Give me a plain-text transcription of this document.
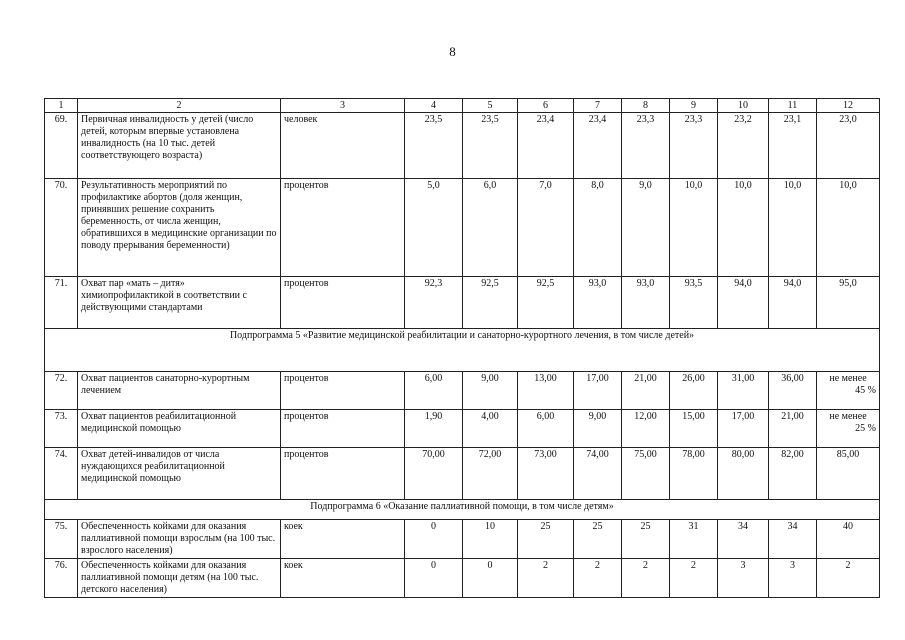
8
1	2	3	4	5	6	7	8	9	10	11	12
69.	Первичная инвалидность у детей (число детей, которым впервые установлена инвалидность (на 10 тыс. детей соответствующего возраста)	человек	23,5	23,5	23,4	23,4	23,3	23,3	23,2	23,1	23,0
70.	Результативность мероприятий по профилактике абортов (доля женщин, принявших решение сохранить беременность, от числа женщин, обратившихся в медицинские организации по поводу прерывания беременности)	процентов	5,0	6,0	7,0	8,0	9,0	10,0	10,0	10,0	10,0
71.	Охват пар «мать – дитя» химиопрофилактикой в соответствии с действующими стандартами	процентов	92,3	92,5	92,5	93,0	93,0	93,5	94,0	94,0	95,0
Подпрограмма 5 «Развитие медицинской реабилитации и санаторно-курортного лечения, в том числе детей»											
72.	Охват пациентов санаторно-курортным лечением	процентов	6,00	9,00	13,00	17,00	21,00	26,00	31,00	36,00	не менее
45 %

73.	Охват пациентов реабилитационной медицинской помощью	процентов	1,90	4,00	6,00	9,00	12,00	15,00	17,00	21,00	не менее
25 %

74.	Охват детей-инвалидов от числа нуждающихся реабилитационной медицинской помощью	процентов	70,00	72,00	73,00	74,00	75,00	78,00	80,00	82,00	85,00
Подпрограмма 6 «Оказание паллиативной помощи, в том числе детям»											
75.	Обеспеченность койками для оказания паллиативной помощи взрослым (на 100 тыс. взрослого населения)	коек	0	10	25	25	25	31	34	34	40
76.	Обеспеченность койками для оказания паллиативной помощи детям (на 100 тыс. детского населения)	коек	0	0	2	2	2	2	3	3	2
